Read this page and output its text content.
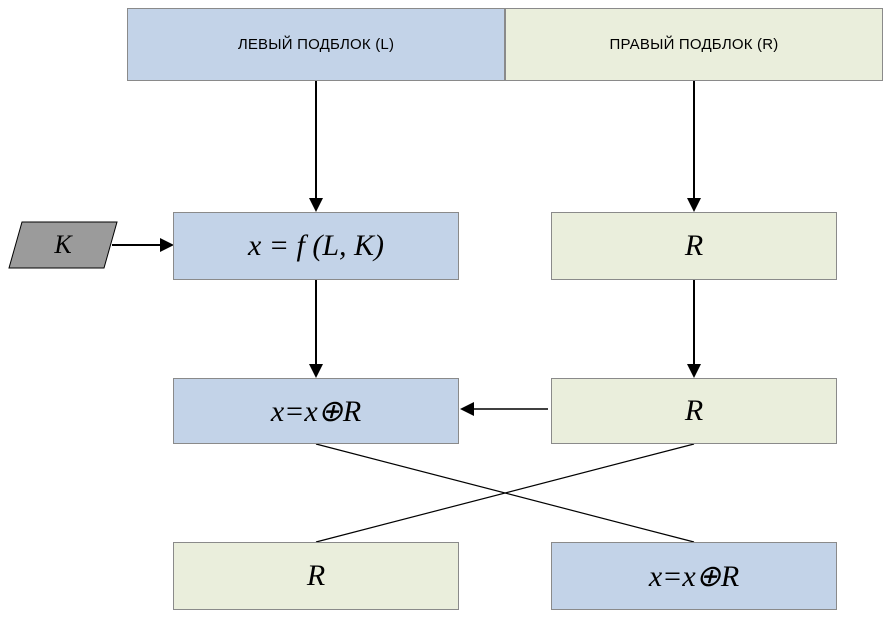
ЛЕВЫЙ ПОДБЛОК (L)	ПРАВЫЙ ПОДБЛОК (R)
K	x = f (L, K)	R
x=x⊕R	R
R	x=x⊕R
